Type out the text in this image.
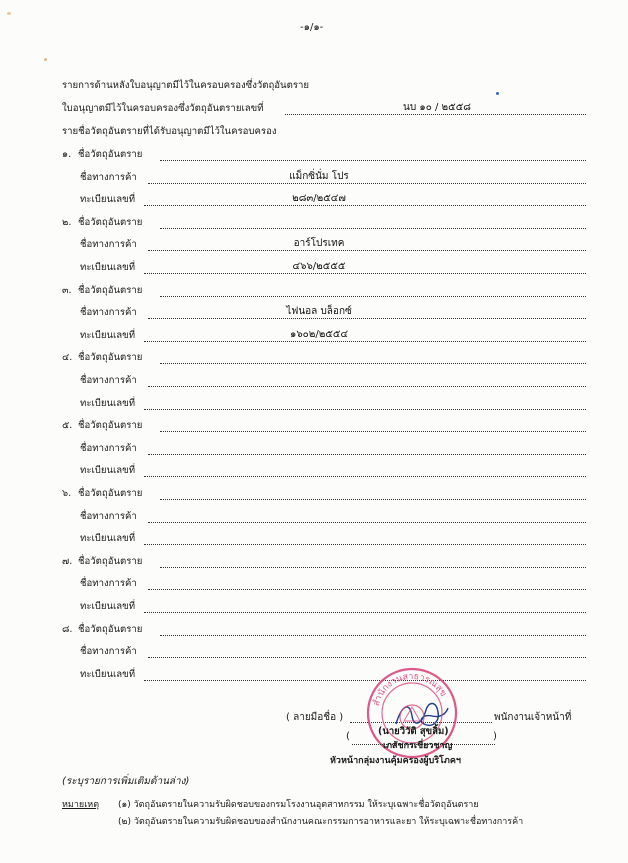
-๑/๑-
รายการด้านหลังใบอนุญาตมีไว้ในครอบครองซึ่งวัตถุอันตราย
ใบอนุญาตมีไว้ในครอบครองซึ่งวัตถุอันตรายเลขที่	นบ ๑๐ / ๒๕๕๘
รายชื่อวัตถุอันตรายที่ได้รับอนุญาตมีไว้ในครอบครอง
๑. ชื่อวัตถุอันตราย
ชื่อทางการค้า	แม็กซิ่นั่ม โปร
ทะเบียนเลขที่	๒๘๓/๒๕๔๗
๒. ชื่อวัตถุอันตราย
ชื่อทางการค้า	อาร์โปรเทค
ทะเบียนเลขที่	๔๖๖/๒๕๕๕
๓. ชื่อวัตถุอันตราย
ชื่อทางการค้า	ไฟนอล บล็อกซ์
ทะเบียนเลขที่	๑๖๐๒/๒๕๕๔
๔. ชื่อวัตถุอันตราย
ชื่อทางการค้า
ทะเบียนเลขที่
๕. ชื่อวัตถุอันตราย
ชื่อทางการค้า
ทะเบียนเลขที่
๖. ชื่อวัตถุอันตราย
ชื่อทางการค้า
ทะเบียนเลขที่
๗. ชื่อวัตถุอันตราย
ชื่อทางการค้า
ทะเบียนเลขที่
๘. ชื่อวัตถุอันตราย
ชื่อทางการค้า
ทะเบียนเลขที่
( ลายมือชื่อ )	พนักงานเจ้าหน้าที่
สำนักงานสาธารณสุข
(	(นายวิวัติ สุขลิ้ม)	)
เภสัชกรเชี่ยวชาญ
หัวหน้ากลุ่มงานคุ้มครองผู้บริโภคฯ
(ระบุรายการเพิ่มเติมด้านล่าง)
หมายเหตุ (๑) วัตถุอันตรายในความรับผิดชอบของกรมโรงงานอุตสาหกรรม ให้ระบุเฉพาะชื่อวัตถุอันตราย
(๒) วัตถุอันตรายในความรับผิดชอบของสำนักงานคณะกรรมการอาหารและยา ให้ระบุเฉพาะชื่อทางการค้า
